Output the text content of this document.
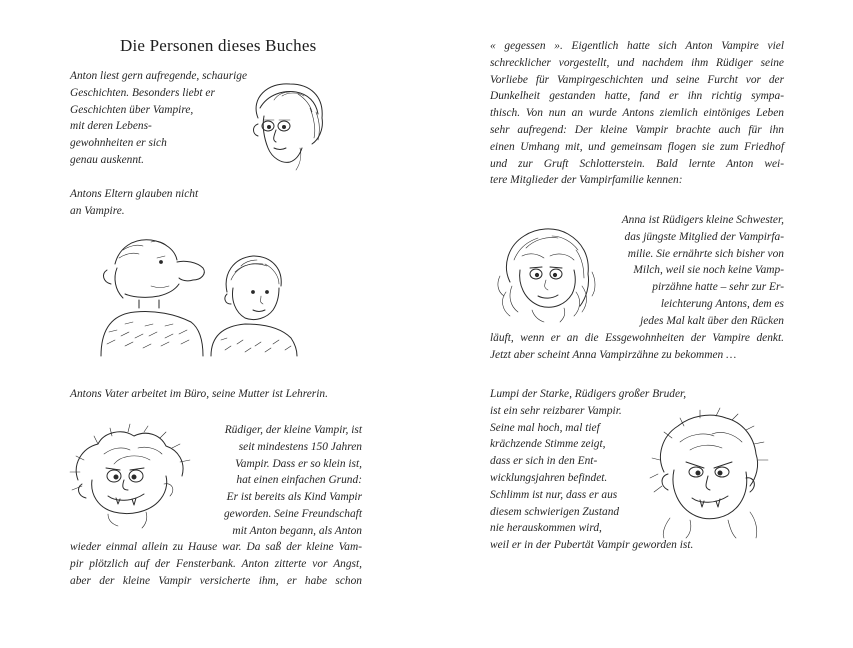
Die Personen dieses Buches
Anton liest gern aufregende, schaurige
Geschichten. Besonders liebt er
Geschichten über Vampire,
mit deren Lebens-
gewohnheiten er sich
genau auskennt.
Antons Eltern glauben nicht
an Vampire.
Antons Vater arbeitet im Büro, seine Mutter ist Lehrerin.
Rüdiger, der kleine Vampir, ist
seit mindestens 150 Jahren
Vampir. Dass er so klein ist,
hat einen einfachen Grund:
Er ist bereits als Kind Vampir
geworden. Seine Freundschaft
mit Anton begann, als Anton
wieder einmal allein zu Hause war. Da saß der kleine Vam-
pir plötzlich auf der Fensterbank. Anton zitterte vor Angst,
aber der kleine Vampir versicherte ihm, er habe schon
« gegessen ». Eigentlich hatte sich Anton Vampire viel
schrecklicher vorgestellt, und nachdem ihm Rüdiger seine
Vorliebe für Vampirgeschichten und seine Furcht vor der
Dunkelheit gestanden hatte, fand er ihn richtig sympa-
thisch. Von nun an wurde Antons ziemlich eintöniges Leben
sehr aufregend: Der kleine Vampir brachte auch für ihn
einen Umhang mit, und gemeinsam flogen sie zum Friedhof
und zur Gruft Schlotterstein. Bald lernte Anton wei-
tere Mitglieder der Vampirfamilie kennen:
Anna ist Rüdigers kleine Schwester,
das jüngste Mitglied der Vampirfa-
milie. Sie ernährte sich bisher von
Milch, weil sie noch keine Vamp-
pirzähne hatte – sehr zur Er-
leichterung Antons, dem es
jedes Mal kalt über den Rücken
läuft, wenn er an die Essgewohnheiten der Vampire denkt.
Jetzt aber scheint Anna Vampirzähne zu bekommen …
Lumpi der Starke, Rüdigers großer Bruder,
ist ein sehr reizbarer Vampir.
Seine mal hoch, mal tief
krächzende Stimme zeigt,
dass er sich in den Ent-
wicklungsjahren befindet.
Schlimm ist nur, dass er aus
diesem schwierigen Zustand
nie herauskommen wird,
weil er in der Pubertät Vampir geworden ist.
